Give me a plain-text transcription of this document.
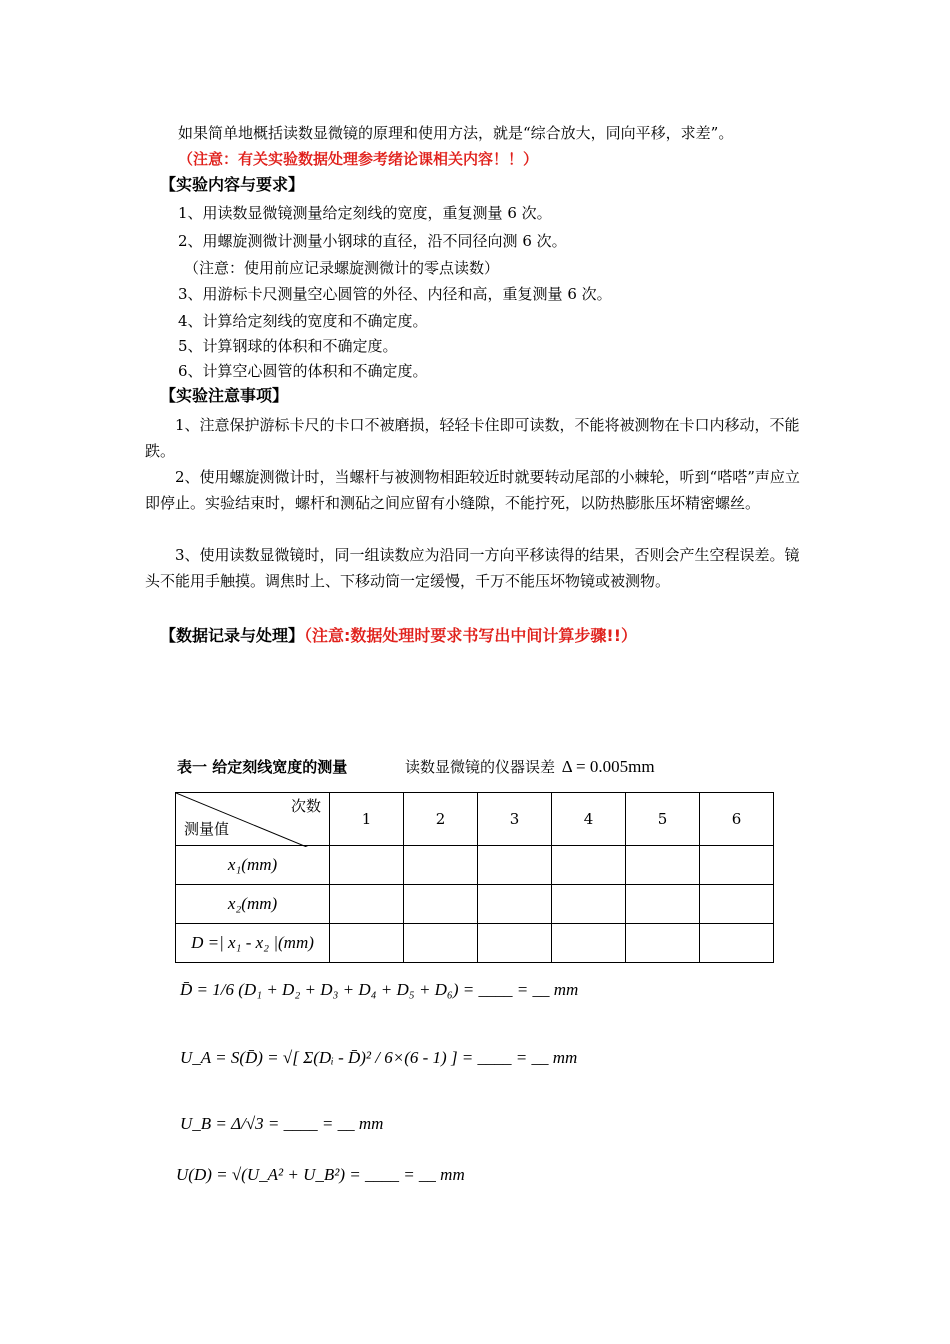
如果简单地概括读数显微镜的原理和使用方法，就是“综合放大，同向平移，求差”。
（注意：有关实验数据处理参考绪论课相关内容！！）
【实验内容与要求】
1、用读数显微镜测量给定刻线的宽度，重复测量 6 次。
2、用螺旋测微计测量小钢球的直径，沿不同径向测 6 次。
（注意：使用前应记录螺旋测微计的零点读数）
3、用游标卡尺测量空心圆管的外径、内径和高，重复测量 6 次。
4、计算给定刻线的宽度和不确定度。
5、计算钢球的体积和不确定度。
6、计算空心圆管的体积和不确定度。
【实验注意事项】
1、注意保护游标卡尺的卡口不被磨损，轻轻卡住即可读数，不能将被测物在卡口内移动，不能跌。
2、使用螺旋测微计时，当螺杆与被测物相距较近时就要转动尾部的小棘轮，听到“嗒嗒”声应立即停止。实验结束时，螺杆和测砧之间应留有小缝隙，不能拧死，以防热膨胀压坏精密螺丝。
3、使用读数显微镜时，同一组读数应为沿同一方向平移读得的结果，否则会产生空程误差。镜头不能用手触摸。调焦时上、下移动筒一定缓慢，千万不能压坏物镜或被测物。
【数据记录与处理】（注意:数据处理时要求书写出中间计算步骤!!）
表一 给定刻线宽度的测量	读数显微镜的仪器误差 Δ = 0.005mm
次数
测量值	1	2	3	4	5	6
x₁(mm)						
x₂(mm)						
D =| x₁ - x₂ |(mm)						
D̄ = 1/6 (D₁ + D₂ + D₃ + D₄ + D₅ + D₆) = ____ = __ mm
U_A = S(D̄) = √[ Σ(Dᵢ - D̄)² / 6×(6 - 1) ] = ____ = __ mm
U_B = Δ/√3 = ____ = __ mm
U(D) = √(U_A² + U_B²) = ____ = __ mm
